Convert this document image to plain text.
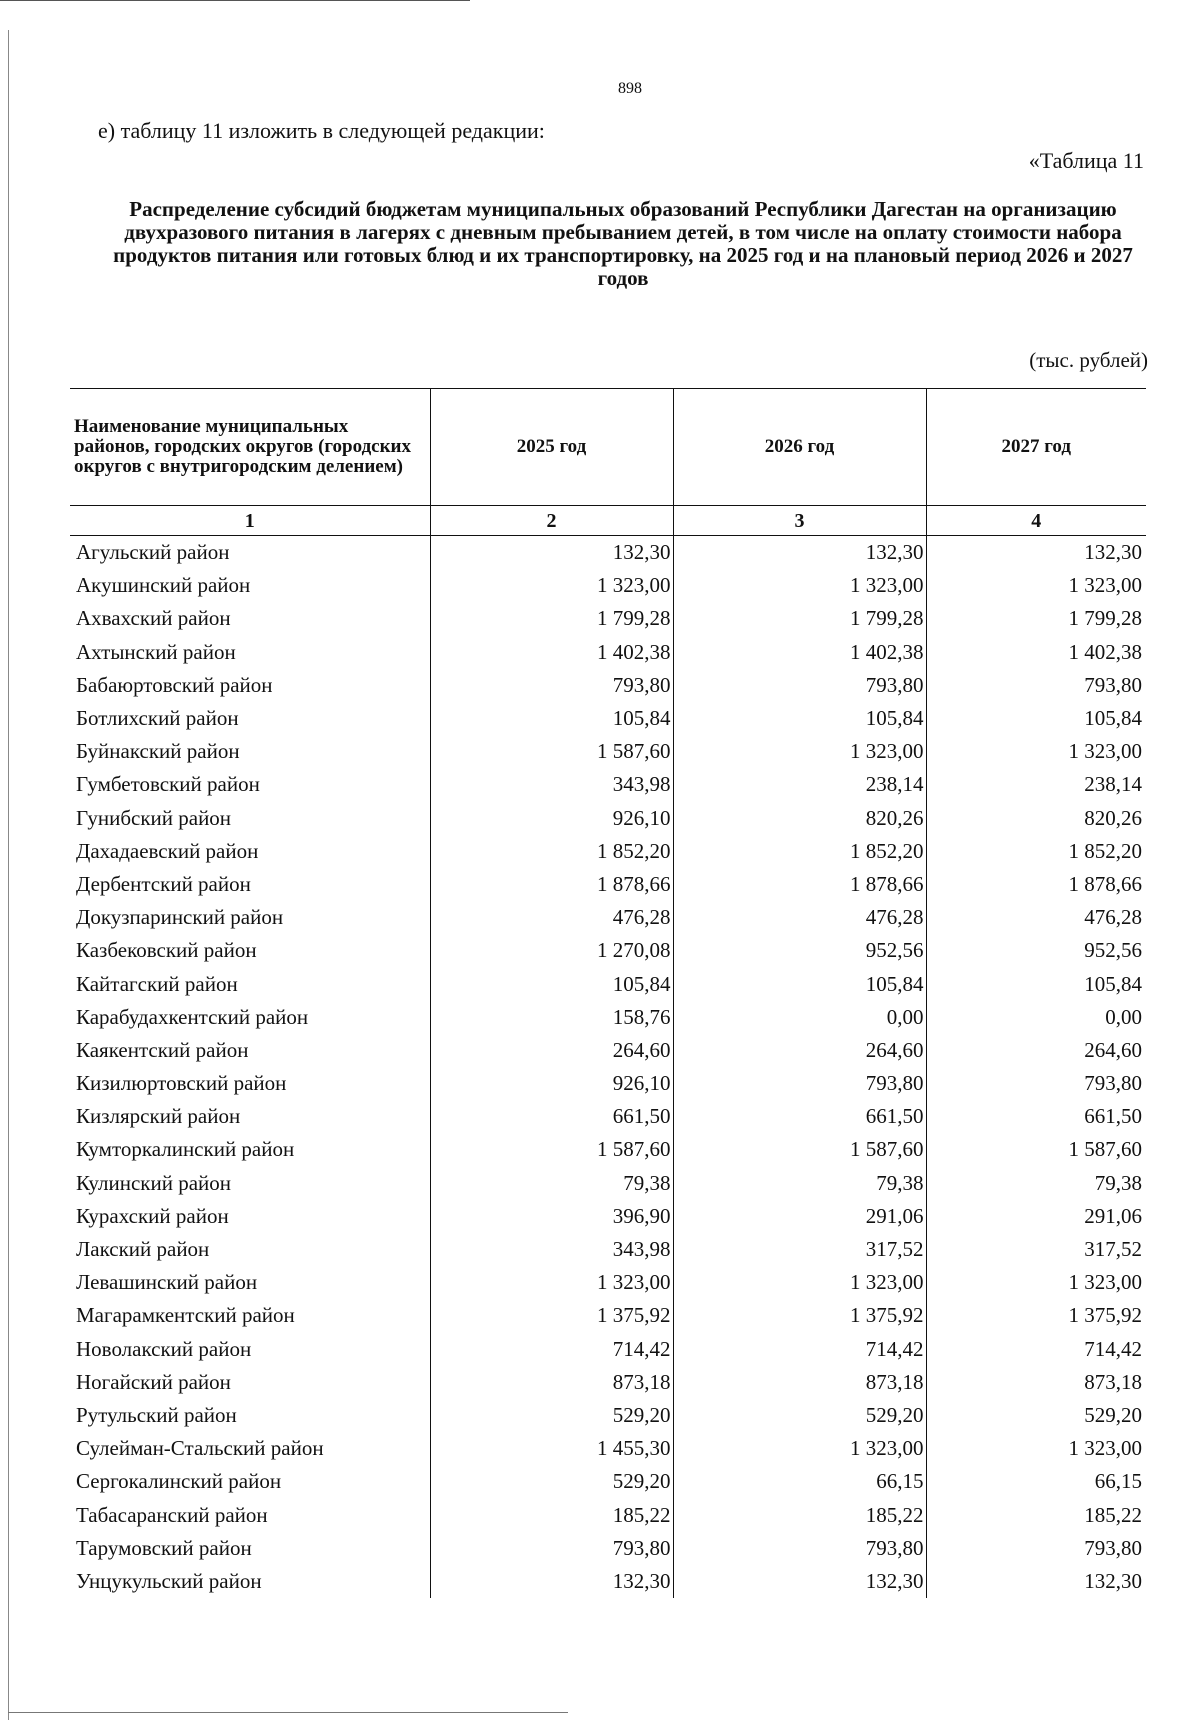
898
е) таблицу 11 изложить в следующей редакции:
«Таблица 11
Распределение субсидий бюджетам муниципальных образований Республики Дагестан на организацию двухразового питания в лагерях с дневным пребыванием детей, в том числе на оплату стоимости набора продуктов питания или готовых блюд и их транспортировку, на 2025 год и на плановый период 2026 и 2027 годов
(тыс. рублей)
Наименование муниципальных районов, городских округов (городских округов с внутригородским делением)	2025 год	2026 год	2027 год
1	2	3	4
Агульский район	132,30	132,30	132,30
Акушинский район	1 323,00	1 323,00	1 323,00
Ахвахский район	1 799,28	1 799,28	1 799,28
Ахтынский район	1 402,38	1 402,38	1 402,38
Бабаюртовский район	793,80	793,80	793,80
Ботлихский район	105,84	105,84	105,84
Буйнакский район	1 587,60	1 323,00	1 323,00
Гумбетовский район	343,98	238,14	238,14
Гунибский район	926,10	820,26	820,26
Дахадаевский район	1 852,20	1 852,20	1 852,20
Дербентский район	1 878,66	1 878,66	1 878,66
Докузпаринский район	476,28	476,28	476,28
Казбековский район	1 270,08	952,56	952,56
Кайтагский район	105,84	105,84	105,84
Карабудахкентский район	158,76	0,00	0,00
Каякентский район	264,60	264,60	264,60
Кизилюртовский район	926,10	793,80	793,80
Кизлярский район	661,50	661,50	661,50
Кумторкалинский район	1 587,60	1 587,60	1 587,60
Кулинский район	79,38	79,38	79,38
Курахский район	396,90	291,06	291,06
Лакский район	343,98	317,52	317,52
Левашинский район	1 323,00	1 323,00	1 323,00
Магарамкентский район	1 375,92	1 375,92	1 375,92
Новолакский район	714,42	714,42	714,42
Ногайский район	873,18	873,18	873,18
Рутульский район	529,20	529,20	529,20
Сулейман-Стальский район	1 455,30	1 323,00	1 323,00
Сергокалинский район	529,20	66,15	66,15
Табасаранский район	185,22	185,22	185,22
Тарумовский район	793,80	793,80	793,80
Унцукульский район	132,30	132,30	132,30
